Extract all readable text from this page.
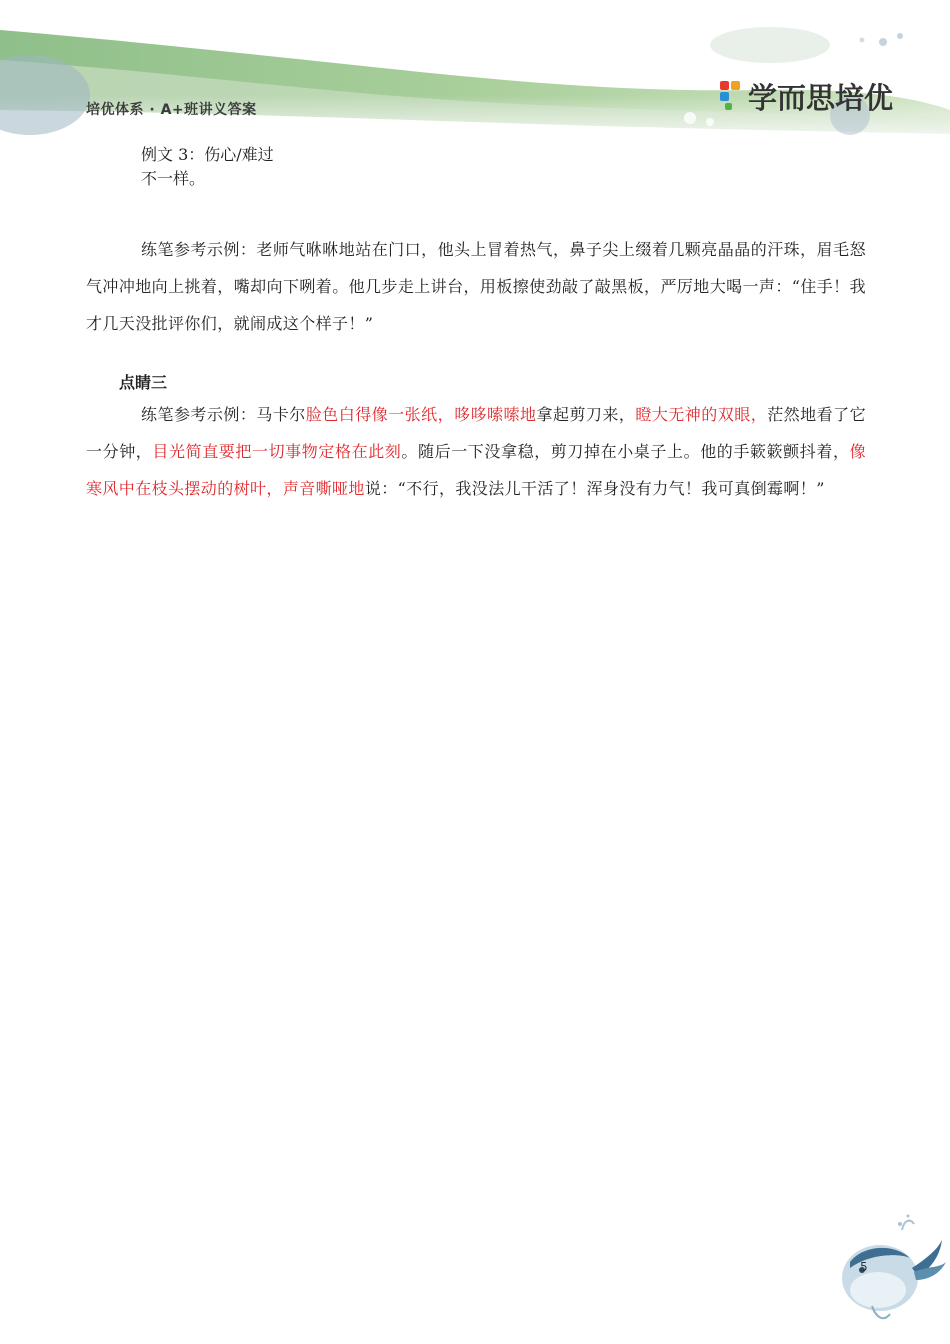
培优体系 · A+班讲义答案	学而思培优
例文 3：伤心/难过
不一样。
练笔参考示例：老师气咻咻地站在门口，他头上冒着热气，鼻子尖上缀着几颗亮晶晶的汗珠，眉毛怒气冲冲地向上挑着，嘴却向下咧着。他几步走上讲台，用板擦使劲敲了敲黑板，严厉地大喝一声：“住手！我才几天没批评你们，就闹成这个样子！”
点睛三
练笔参考示例：马卡尔脸色白得像一张纸，哆哆嗦嗦地拿起剪刀来，瞪大无神的双眼，茫然地看了它一分钟，目光简直要把一切事物定格在此刻。随后一下没拿稳，剪刀掉在小桌子上。他的手簌簌颤抖着，像寒风中在枝头摆动的树叶，声音嘶哑地说：“不行，我没法儿干活了！浑身没有力气！我可真倒霉啊！”
5
